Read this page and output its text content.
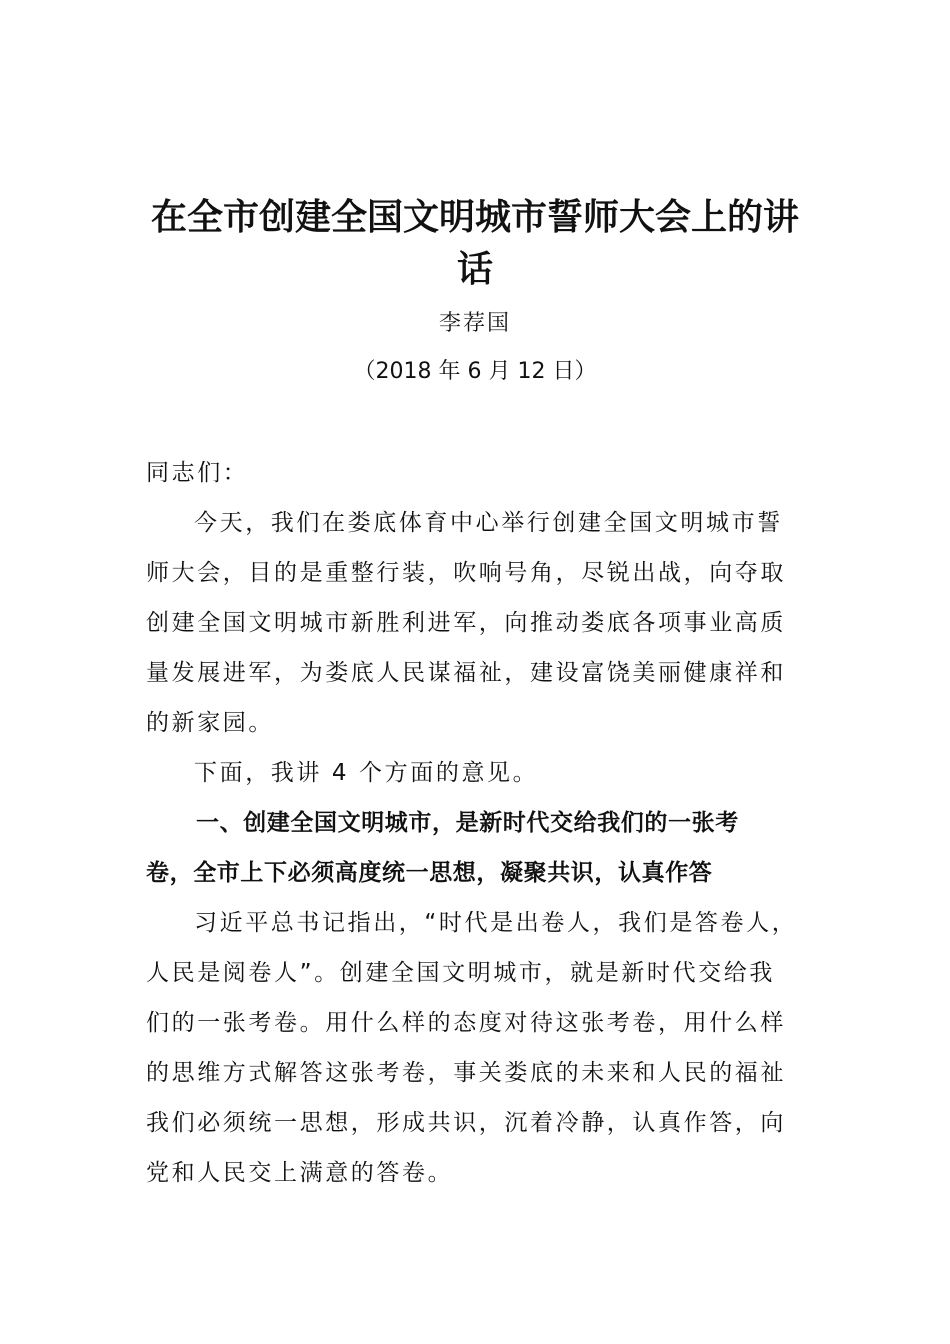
在全市创建全国文明城市誓师大会上的讲
话
李荐国
（2018 年 6 月 12 日）

同志们：

今天，我们在娄底体育中心举行创建全国文明城市誓

师大会，目的是重整行装，吹响号角，尽锐出战，向夺取

创建全国文明城市新胜利进军，向推动娄底各项事业高质

量发展进军，为娄底人民谋福祉，建设富饶美丽健康祥和

的新家园。

下面，我讲 4 个方面的意见。

一、创建全国文明城市，是新时代交给我们的一张考

卷，全市上下必须高度统一思想，凝聚共识，认真作答

习近平总书记指出，“时代是出卷人，我们是答卷人，

人民是阅卷人”。创建全国文明城市，就是新时代交给我

们的一张考卷。用什么样的态度对待这张考卷，用什么样

的思维方式解答这张考卷，事关娄底的未来和人民的福祉

我们必须统一思想，形成共识，沉着冷静，认真作答，向

党和人民交上满意的答卷。
